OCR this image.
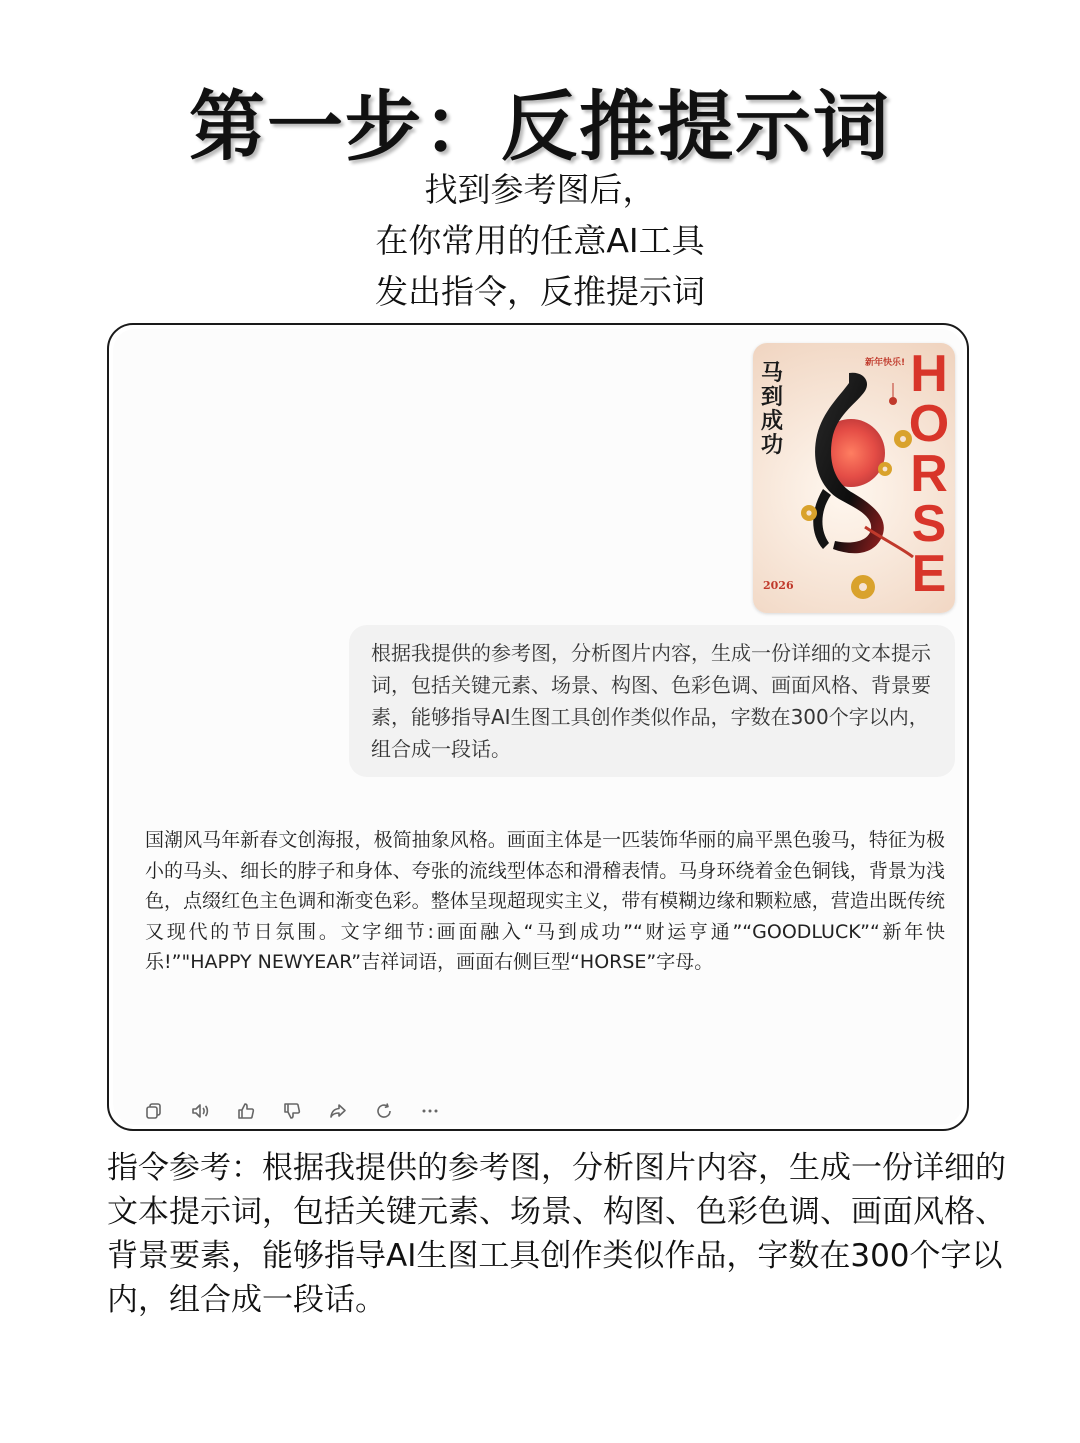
第一步：反推提示词
找到参考图后，
在你常用的任意AI工具
发出指令，反推提示词
马到成功
新年快乐! H
O
R
S
E
2026
根据我提供的参考图，分析图片内容，生成一份详细的文本提示词，包括关键元素、场景、构图、色彩色调、画面风格、背景要素，能够指导AI生图工具创作类似作品，字数在300个字以内，组合成一段话。
国潮风马年新春文创海报，极简抽象风格。画面主体是一匹装饰华丽的扁平黑色骏马，特征为极小的马头、细长的脖子和身体、夸张的流线型体态和滑稽表情。马身环绕着金色铜钱，背景为浅色，点缀红色主色调和渐变色彩。整体呈现超现实主义，带有模糊边缘和颗粒感，营造出既传统又现代的节日氛围。文字细节:画面融入“马到成功”“财运亨通”“GOODLUCK”“新年快乐!”"HAPPY NEWYEAR”吉祥词语，画面右侧巨型“HORSE”字母。
指令参考：根据我提供的参考图，分析图片内容，生成一份详细的
文本提示词，包括关键元素、场景、构图、色彩色调、画面风格、
背景要素，能够指导AI生图工具创作类似作品，字数在300个字以
内，组合成一段话。
